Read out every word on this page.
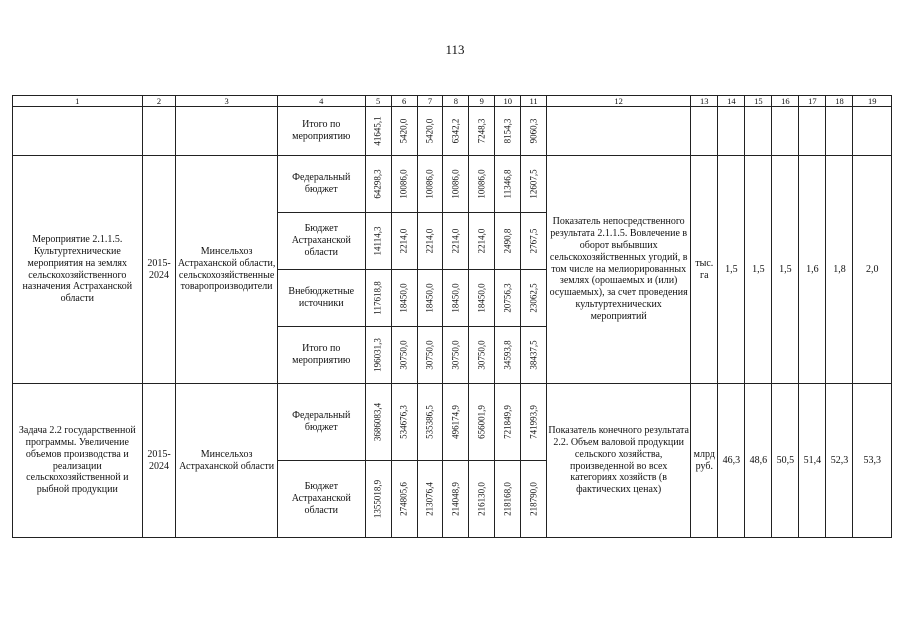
113
1	2	3	4	5	6	7	8	9	10	11	12	13	14	15	16	17	18	19
			Итого по мероприятию	41645,1	5420,0	5420,0	6342,2	7248,3	8154,3	9060,3								

Мероприятие 2.1.1.5. Культуртехнические мероприятия на землях сельскохозяйственного назначения Астраханской области	2015-2024	Минсельхоз Астраханской области, сельскохозяйственные товаропроизводители	Федеральный бюджет	64298,3	10086,0	10086,0	10086,0	10086,0	11346,8	12607,5	Показатель непосредственного результата 2.1.1.5. Вовлечение в оборот выбывших сельскохозяйственных угодий, в том числе на мелиорированных землях (орошаемых и (или) осушаемых), за счет проведения культуртехнических мероприятий	тыс. га	1,5	1,5	1,5	1,6	1,8	2,0
			Бюджет Астраханской области	14114,3	2214,0	2214,0	2214,0	2214,0	2490,8	2767,5								

			Внебюджетные источники	117618,8	18450,0	18450,0	18450,0	18450,0	20756,3	23062,5								

			Итого по мероприятию	196031,3	30750,0	30750,0	30750,0	30750,0	34593,8	38437,5								

Задача 2.2 государственной программы. Увеличение объемов производства и реализации сельскохозяйственной и рыбной продукции	2015-2024	Минсельхоз Астраханской области	Федеральный бюджет	3686083,4	534676,3	535386,5	496174,9	656001,9	721849,9	741993,9	Показатель конечного результата 2.2. Объем валовой продукции сельского хозяйства, произведенной во всех категориях хозяйств (в фактических ценах)	млрд руб.	46,3	48,6	50,5	51,4	52,3	53,3
			Бюджет Астраханской области	1355018,9	274805,6	213076,4	214048,9	216130,0	218168,0	218790,0								
